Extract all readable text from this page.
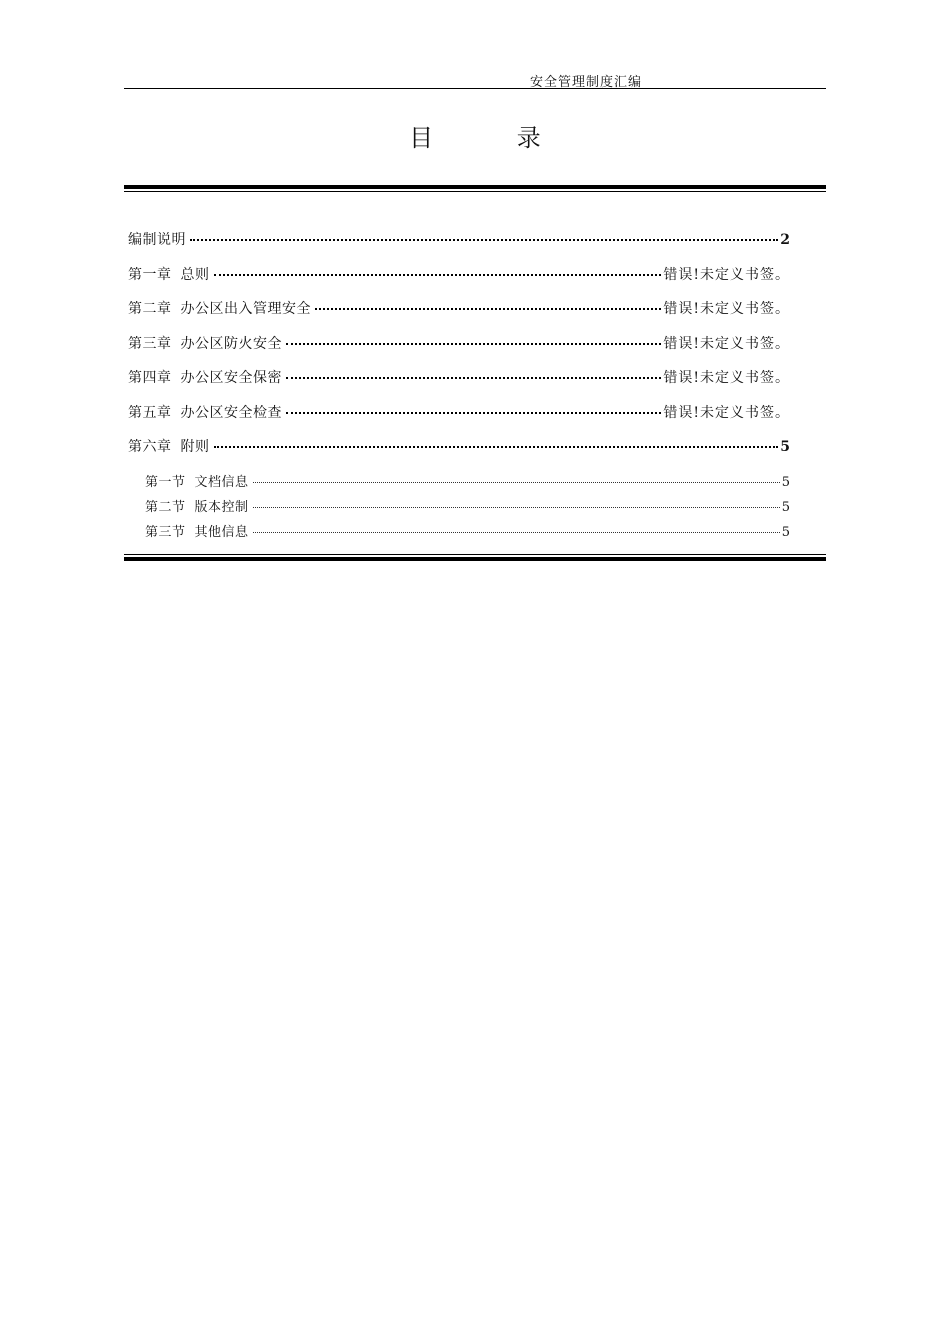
安全管理制度汇编
目 录
编制说明	2
第一章 总则	错误!未定义书签。
第二章 办公区出入管理安全	错误!未定义书签。
第三章 办公区防火安全	错误!未定义书签。
第四章 办公区安全保密	错误!未定义书签。
第五章 办公区安全检查	错误!未定义书签。
第六章 附则	5
第一节 文档信息	5
第二节 版本控制	5
第三节 其他信息	5
